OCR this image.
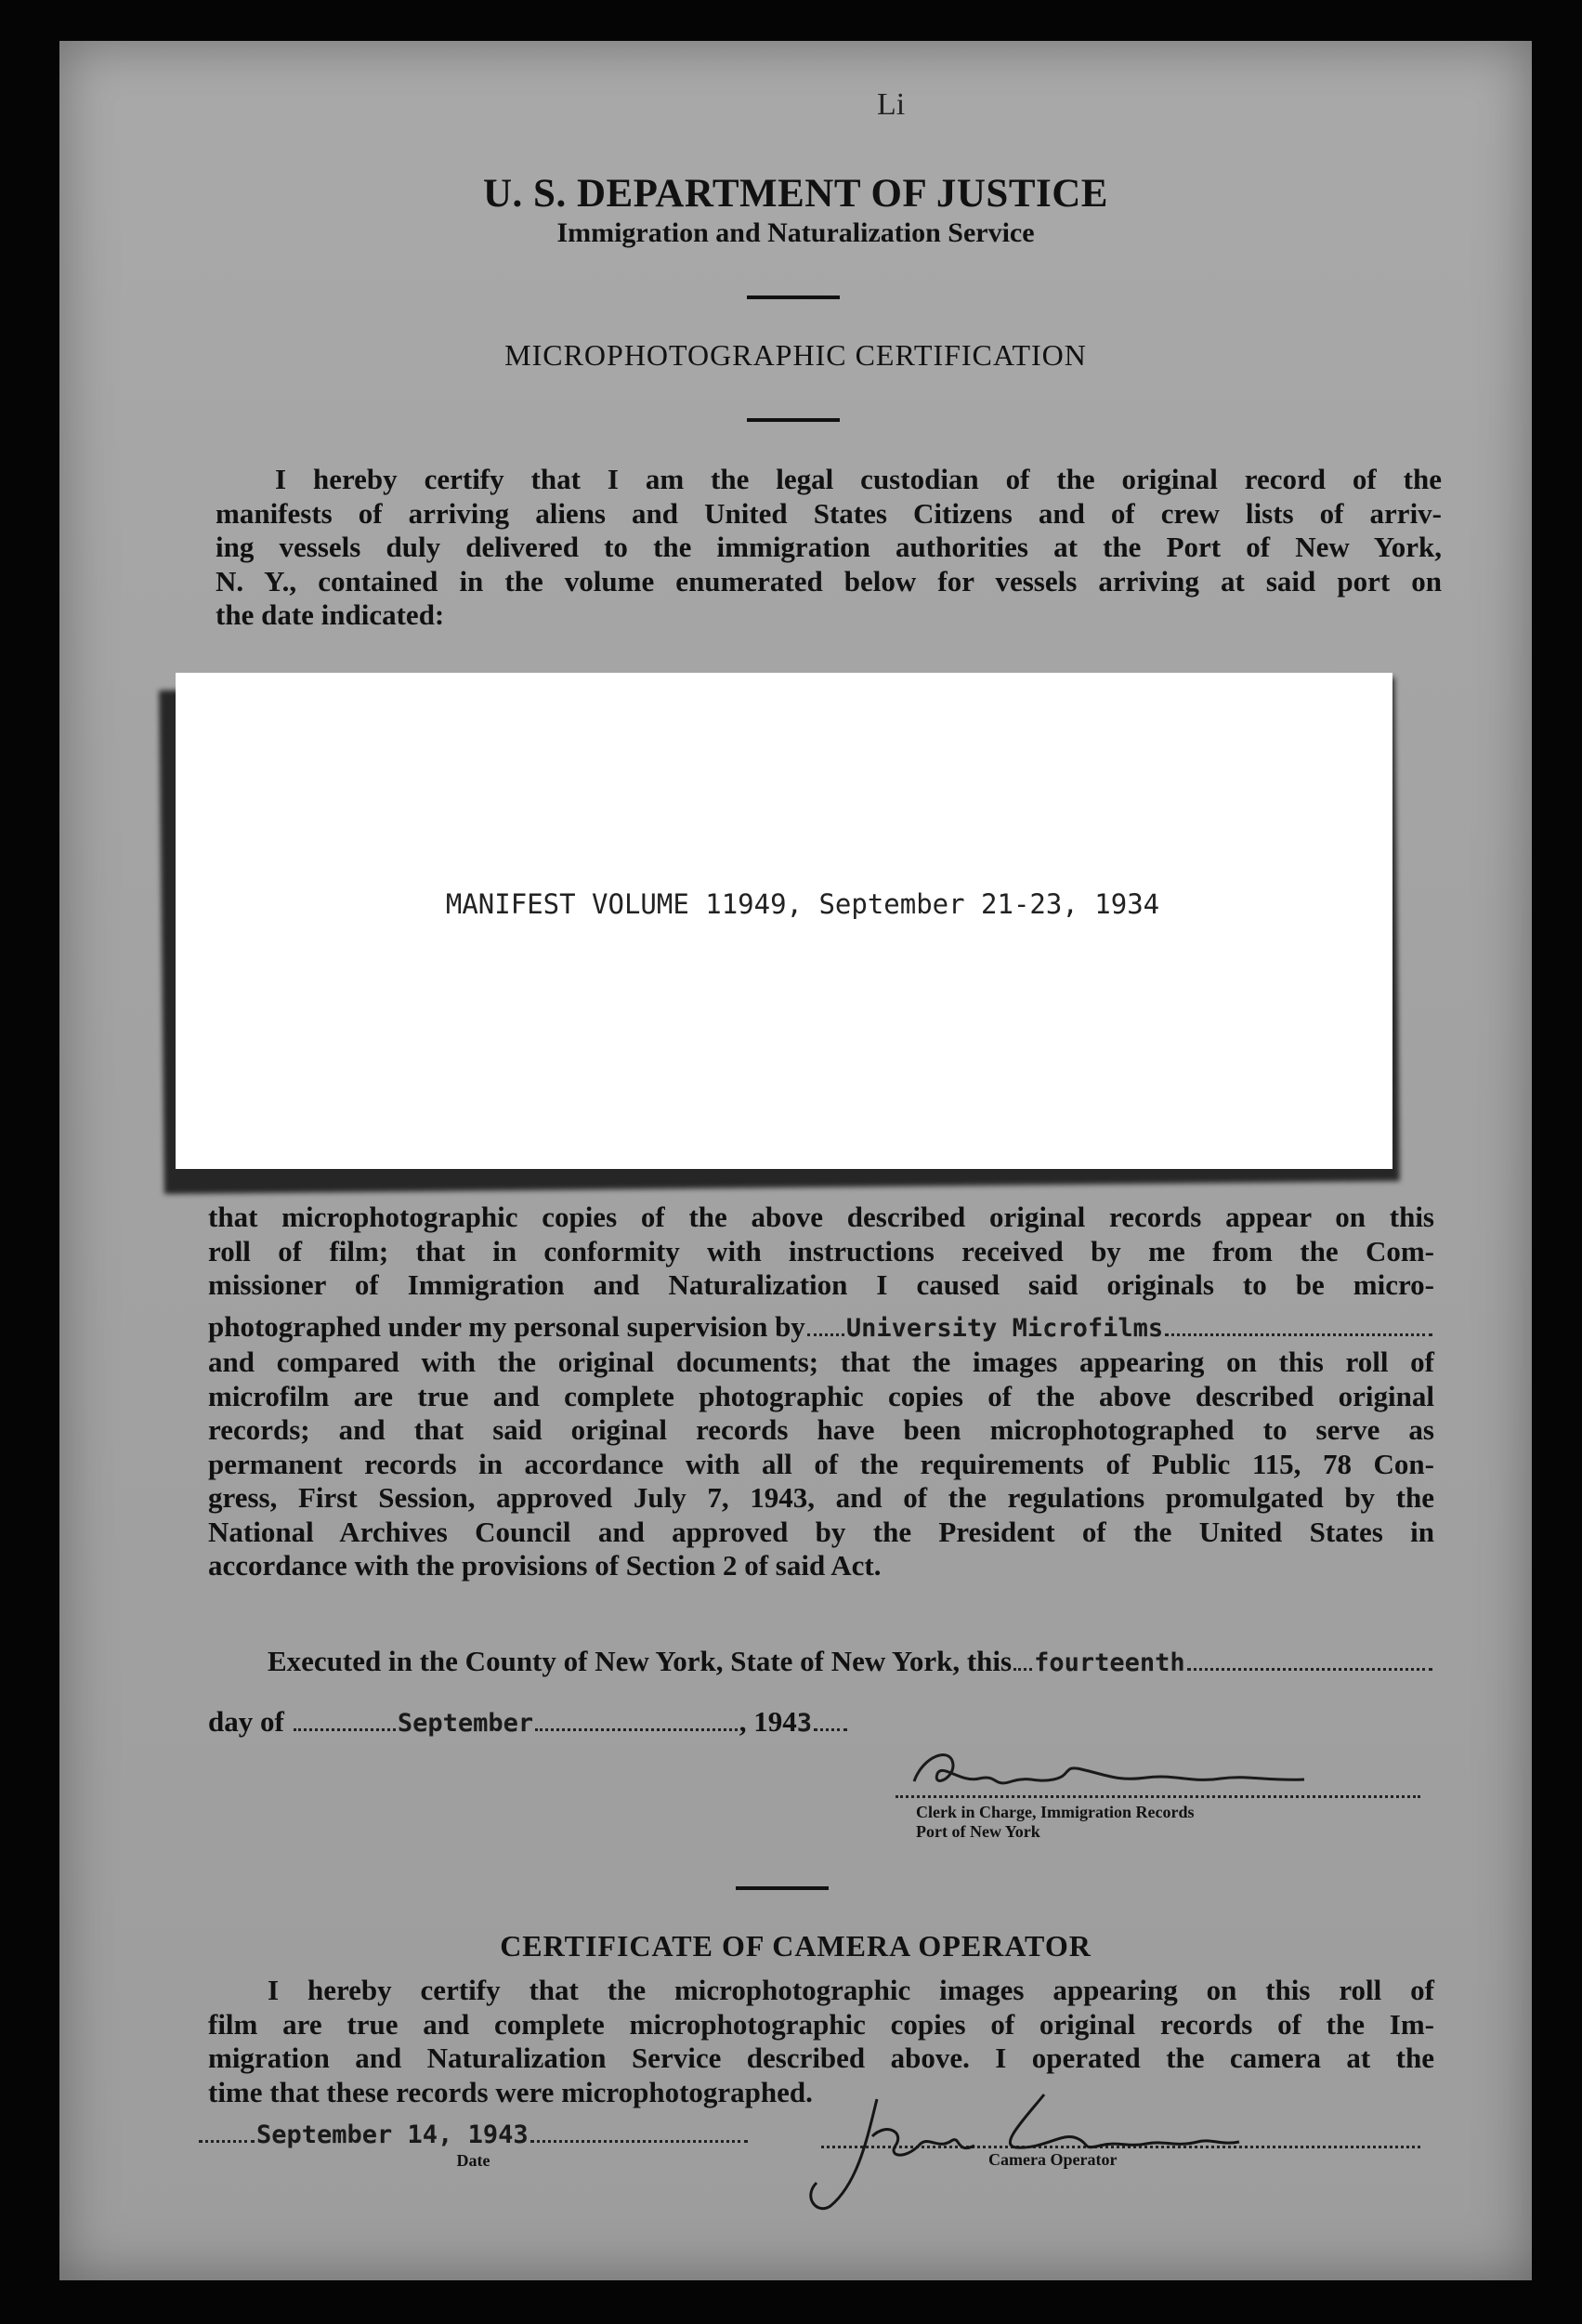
Li
U. S. DEPARTMENT OF JUSTICE
Immigration and Naturalization Service
MICROPHOTOGRAPHIC CERTIFICATION

I hereby certify that I am the legal custodian of the original record of the

manifests of arriving aliens and United States Citizens and of crew lists of arriv-

ing vessels duly delivered to the immigration authorities at the Port of New York,

N. Y., contained in the volume enumerated below for vessels arriving at said port on

the date indicated:

MANIFEST VOLUME 11949, September 21-23, 1934

that microphotographic copies of the above described original records appear on this

roll of film; that in conformity with instructions received by me from the Com-

missioner of Immigration and Naturalization I caused said originals to be micro-

photographed under my personal supervision by University Microfilms

and compared with the original documents; that the images appearing on this roll of

microfilm are true and complete photographic copies of the above described original

records; and that said original records have been microphotographed to serve as

permanent records in accordance with all of the requirements of Public 115, 78 Con-

gress, First Session, approved July 7, 1943, and of the regulations promulgated by the

National Archives Council and approved by the President of the United States in

accordance with the provisions of Section 2 of said Act.

Executed in the County of New York, State of New York, this fourteenth
day of	September	, 194 3
Clerk in Charge, Immigration Records
Port of New York
CERTIFICATE OF CAMERA OPERATOR

I hereby certify that the microphotographic images appearing on this roll of

film are true and complete microphotographic copies of original records of the Im-

migration and Naturalization Service described above. I operated the camera at the

time that these records were microphotographed.

September 14, 1943
Date	Camera Operator
